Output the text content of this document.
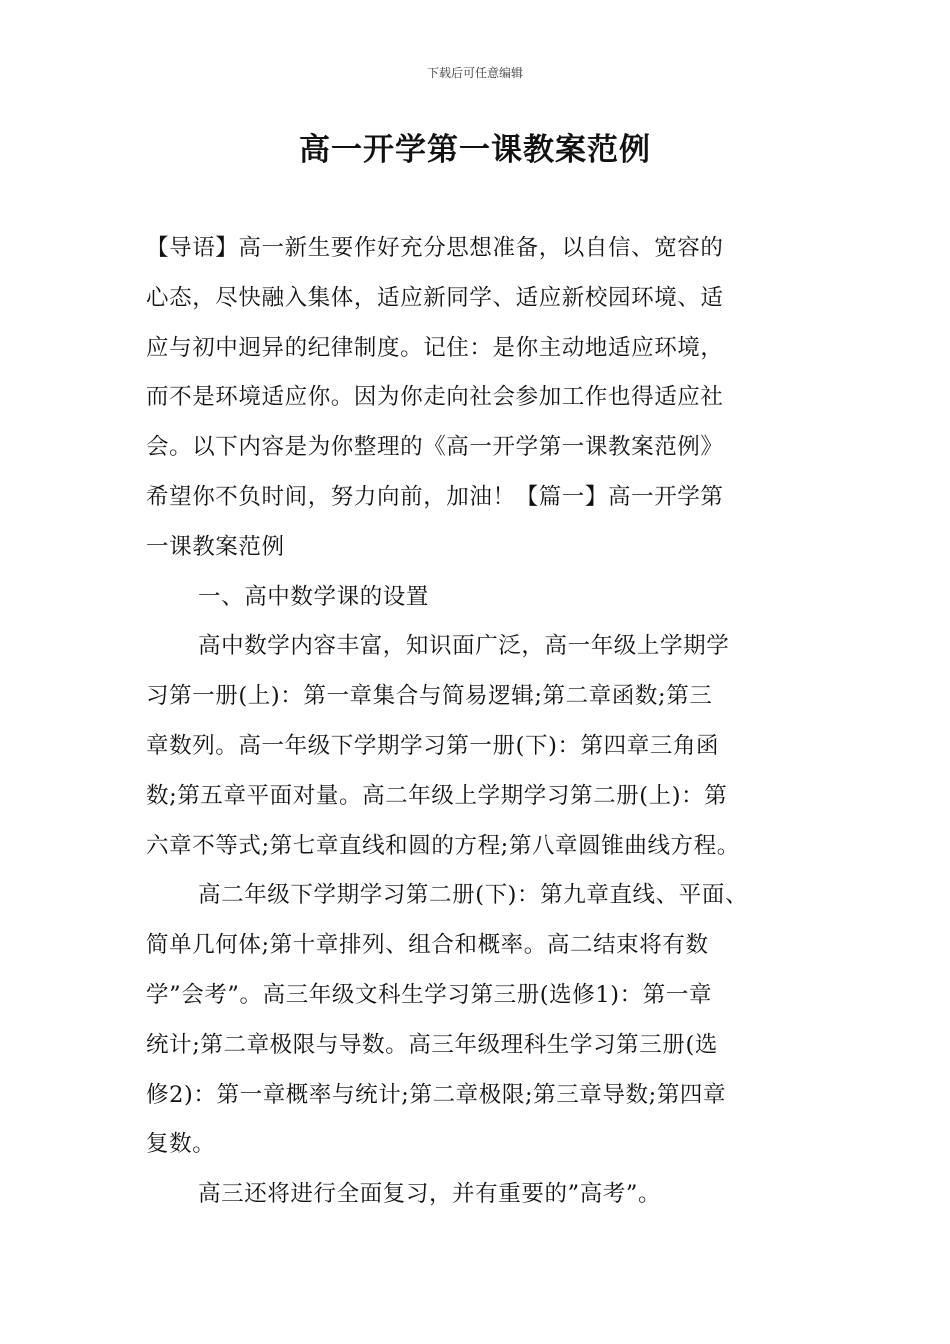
下载后可任意编辑
高一开学第一课教案范例

【导语】高一新生要作好充分思想准备，以自信、宽容的
心态，尽快融入集体，适应新同学、适应新校园环境、适
应与初中迥异的纪律制度。记住：是你主动地适应环境，
而不是环境适应你。因为你走向社会参加工作也得适应社
会。以下内容是为你整理的《高一开学第一课教案范例》
希望你不负时间，努力向前，加油！【篇一】高一开学第
一课教案范例

一、高中数学课的设置

高中数学内容丰富，知识面广泛，高一年级上学期学

习第一册(上)：第一章集合与简易逻辑;第二章函数;第三
章数列。高一年级下学期学习第一册(下)：第四章三角函
数;第五章平面对量。高二年级上学期学习第二册(上)：第
六章不等式;第七章直线和圆的方程;第八章圆锥曲线方程。

高二年级下学期学习第二册(下)：第九章直线、平面、

简单几何体;第十章排列、组合和概率。高二结束将有数
学”会考”。高三年级文科生学习第三册(选修1)：第一章
统计;第二章极限与导数。高三年级理科生学习第三册(选
修2)：第一章概率与统计;第二章极限;第三章导数;第四章
复数。

高三还将进行全面复习，并有重要的”高考”。
